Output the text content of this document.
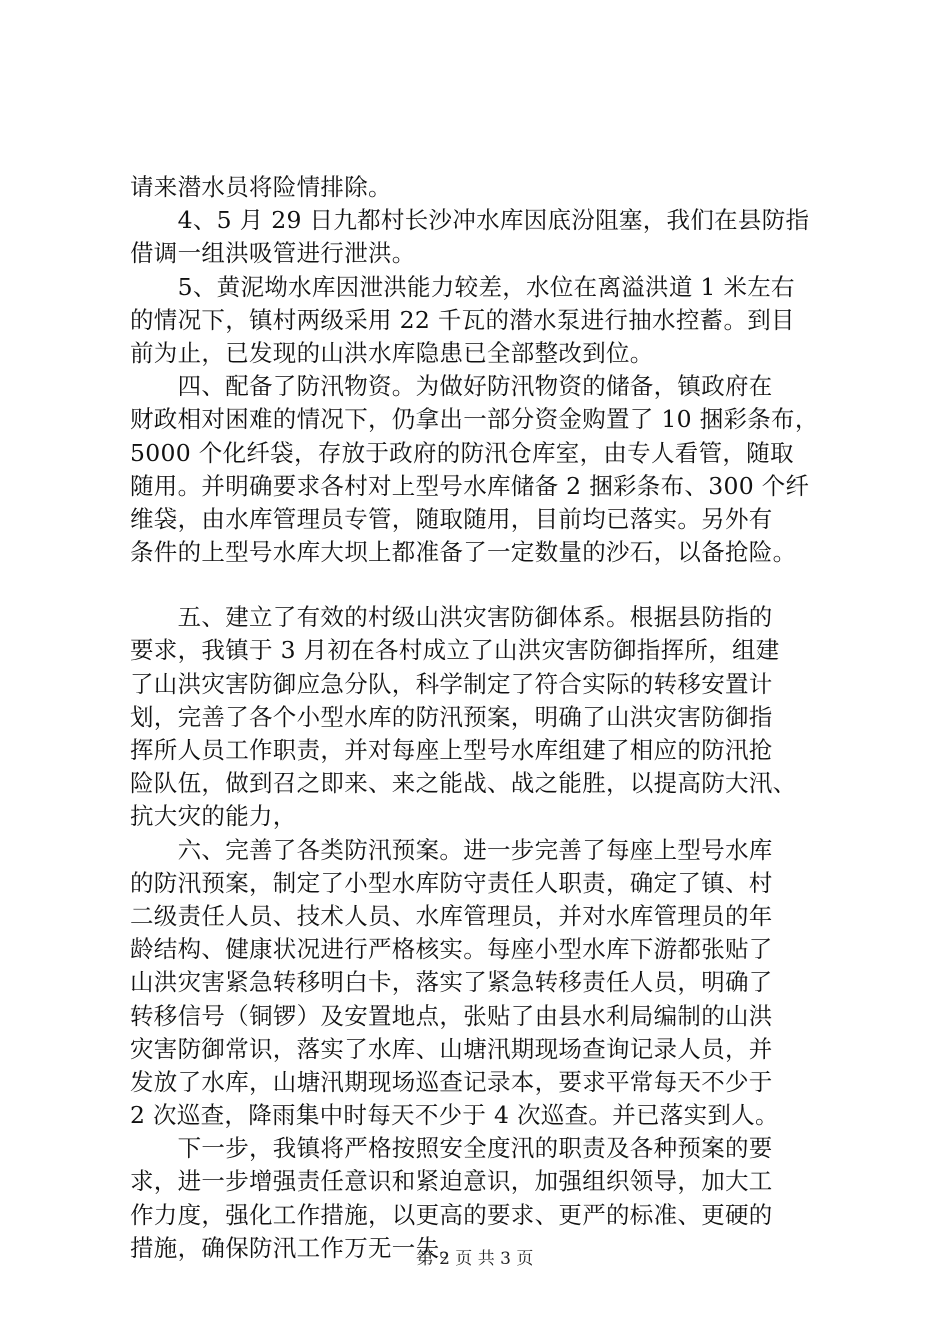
请来潜水员将险情排除。
　　4、5 月 29 日九都村长沙冲水库因底汾阻塞，我们在县防指
借调一组洪吸管进行泄洪。
　　5、黄泥坳水库因泄洪能力较差，水位在离溢洪道 1 米左右
的情况下，镇村两级采用 22 千瓦的潜水泵进行抽水控蓄。到目
前为止，已发现的山洪水库隐患已全部整改到位。
　　四、配备了防汛物资。为做好防汛物资的储备，镇政府在
财政相对困难的情况下，仍拿出一部分资金购置了 10 捆彩条布，
5000 个化纤袋，存放于政府的防汛仓库室，由专人看管，随取
随用。并明确要求各村对上型号水库储备 2 捆彩条布、300 个纤
维袋，由水库管理员专管，随取随用，目前均已落实。另外有
条件的上型号水库大坝上都准备了一定数量的沙石，以备抢险。
　　五、建立了有效的村级山洪灾害防御体系。根据县防指的
要求，我镇于 3 月初在各村成立了山洪灾害防御指挥所，组建
了山洪灾害防御应急分队，科学制定了符合实际的转移安置计
划，完善了各个小型水库的防汛预案，明确了山洪灾害防御指
挥所人员工作职责，并对每座上型号水库组建了相应的防汛抢
险队伍，做到召之即来、来之能战、战之能胜，以提高防大汛、
抗大灾的能力，
　　六、完善了各类防汛预案。进一步完善了每座上型号水库
的防汛预案，制定了小型水库防守责任人职责，确定了镇、村
二级责任人员、技术人员、水库管理员，并对水库管理员的年
龄结构、健康状况进行严格核实。每座小型水库下游都张贴了
山洪灾害紧急转移明白卡，落实了紧急转移责任人员，明确了
转移信号（铜锣）及安置地点，张贴了由县水利局编制的山洪
灾害防御常识，落实了水库、山塘汛期现场查询记录人员，并
发放了水库，山塘汛期现场巡查记录本，要求平常每天不少于
2 次巡查，降雨集中时每天不少于 4 次巡查。并已落实到人。
　　下一步，我镇将严格按照安全度汛的职责及各种预案的要
求，进一步增强责任意识和紧迫意识，加强组织领导，加大工
作力度，强化工作措施，以更高的要求、更严的标准、更硬的
措施，确保防汛工作万无一失。
第 2 页 共 3 页
